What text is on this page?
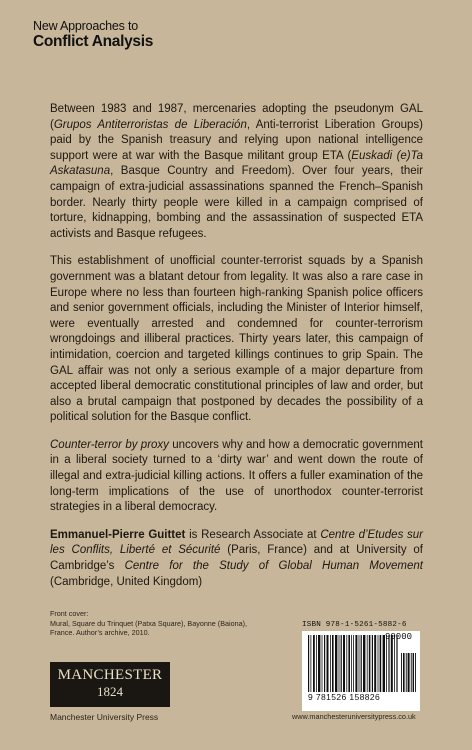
New Approaches to
Conflict Analysis

Between 1983 and 1987, mercenaries adopting the pseudonym GAL (Grupos Antiterroristas de Liberación, Anti-terrorist Liberation Groups) paid by the Spanish treasury and relying upon national intelligence support were at war with the Basque militant group ETA (Euskadi (e)Ta Askatasuna, Basque Country and Freedom). Over four years, their campaign of extra-judicial assassinations spanned the French–Spanish border. Nearly thirty people were killed in a campaign comprised of torture, kidnapping, bombing and the assassination of suspected ETA activists and Basque refugees.

This establishment of unofficial counter-terrorist squads by a Spanish government was a blatant detour from legality. It was also a rare case in Europe where no less than fourteen high-ranking Spanish police officers and senior government officials, including the Minister of Interior himself, were eventually arrested and condemned for counter-terrorism wrongdoings and illiberal practices. Thirty years later, this campaign of intimidation, coercion and targeted killings continues to grip Spain. The GAL affair was not only a serious example of a major departure from accepted liberal democratic constitutional principles of law and order, but also a brutal campaign that postponed by decades the possibility of a political solution for the Basque conflict.

Counter-terror by proxy uncovers why and how a democratic government in a liberal society turned to a ‘dirty war’ and went down the route of illegal and extra-judicial killing actions. It offers a fuller examination of the long-term implications of the use of unorthodox counter-terrorist strategies in a liberal democracy.

Emmanuel-Pierre Guittet is Research Associate at Centre d’Etudes sur les Conflits, Liberté et Sécurité (Paris, France) and at University of Cambridge’s Centre for the Study of Global Human Movement (Cambridge, United Kingdom)

Front cover:
Mural, Square du Trinquet (Patxa Square), Bayonne (Baiona),
France. Author’s archive, 2010.
MANCHESTER
1824
Manchester University Press
ISBN 978-1-5261-5882-6
90000
9 781526 158826
www.manchesteruniversitypress.co.uk
